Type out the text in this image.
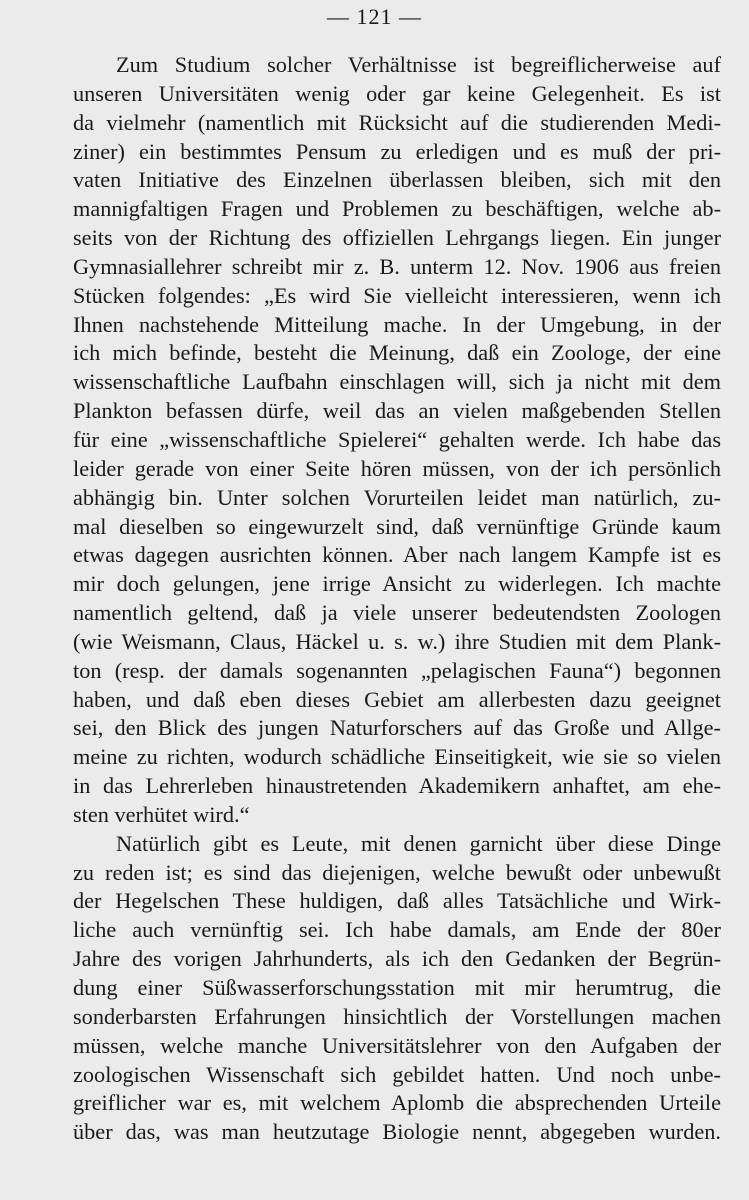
— 121 —
Zum Studium solcher Verhältnisse ist begreiflicherweise auf
unseren Universitäten wenig oder gar keine Gelegenheit. Es ist
da vielmehr (namentlich mit Rücksicht auf die studierenden Medi-
ziner) ein bestimmtes Pensum zu erledigen und es muß der pri-
vaten Initiative des Einzelnen überlassen bleiben, sich mit den
mannigfaltigen Fragen und Problemen zu beschäftigen, welche ab-
seits von der Richtung des offiziellen Lehrgangs liegen. Ein junger
Gymnasiallehrer schreibt mir z. B. unterm 12. Nov. 1906 aus freien
Stücken folgendes: „Es wird Sie vielleicht interessieren, wenn ich
Ihnen nachstehende Mitteilung mache. In der Umgebung, in der
ich mich befinde, besteht die Meinung, daß ein Zoologe, der eine
wissenschaftliche Laufbahn einschlagen will, sich ja nicht mit dem
Plankton befassen dürfe, weil das an vielen maßgebenden Stellen
für eine „wissenschaftliche Spielerei“ gehalten werde. Ich habe das
leider gerade von einer Seite hören müssen, von der ich persönlich
abhängig bin. Unter solchen Vorurteilen leidet man natürlich, zu-
mal dieselben so eingewurzelt sind, daß vernünftige Gründe kaum
etwas dagegen ausrichten können. Aber nach langem Kampfe ist es
mir doch gelungen, jene irrige Ansicht zu widerlegen. Ich machte
namentlich geltend, daß ja viele unserer bedeutendsten Zoologen
(wie Weismann, Claus, Häckel u. s. w.) ihre Studien mit dem Plank-
ton (resp. der damals sogenannten „pelagischen Fauna“) begonnen
haben, und daß eben dieses Gebiet am allerbesten dazu geeignet
sei, den Blick des jungen Naturforschers auf das Große und Allge-
meine zu richten, wodurch schädliche Einseitigkeit, wie sie so vielen
in das Lehrerleben hinaustretenden Akademikern anhaftet, am ehe-
sten verhütet wird.“
Natürlich gibt es Leute, mit denen garnicht über diese Dinge
zu reden ist; es sind das diejenigen, welche bewußt oder unbewußt
der Hegelschen These huldigen, daß alles Tatsächliche und Wirk-
liche auch vernünftig sei. Ich habe damals, am Ende der 80er
Jahre des vorigen Jahrhunderts, als ich den Gedanken der Begrün-
dung einer Süßwasserforschungsstation mit mir herumtrug, die
sonderbarsten Erfahrungen hinsichtlich der Vorstellungen machen
müssen, welche manche Universitätslehrer von den Aufgaben der
zoologischen Wissenschaft sich gebildet hatten. Und noch unbe-
greiflicher war es, mit welchem Aplomb die absprechenden Urteile
über das, was man heutzutage Biologie nennt, abgegeben wurden.
